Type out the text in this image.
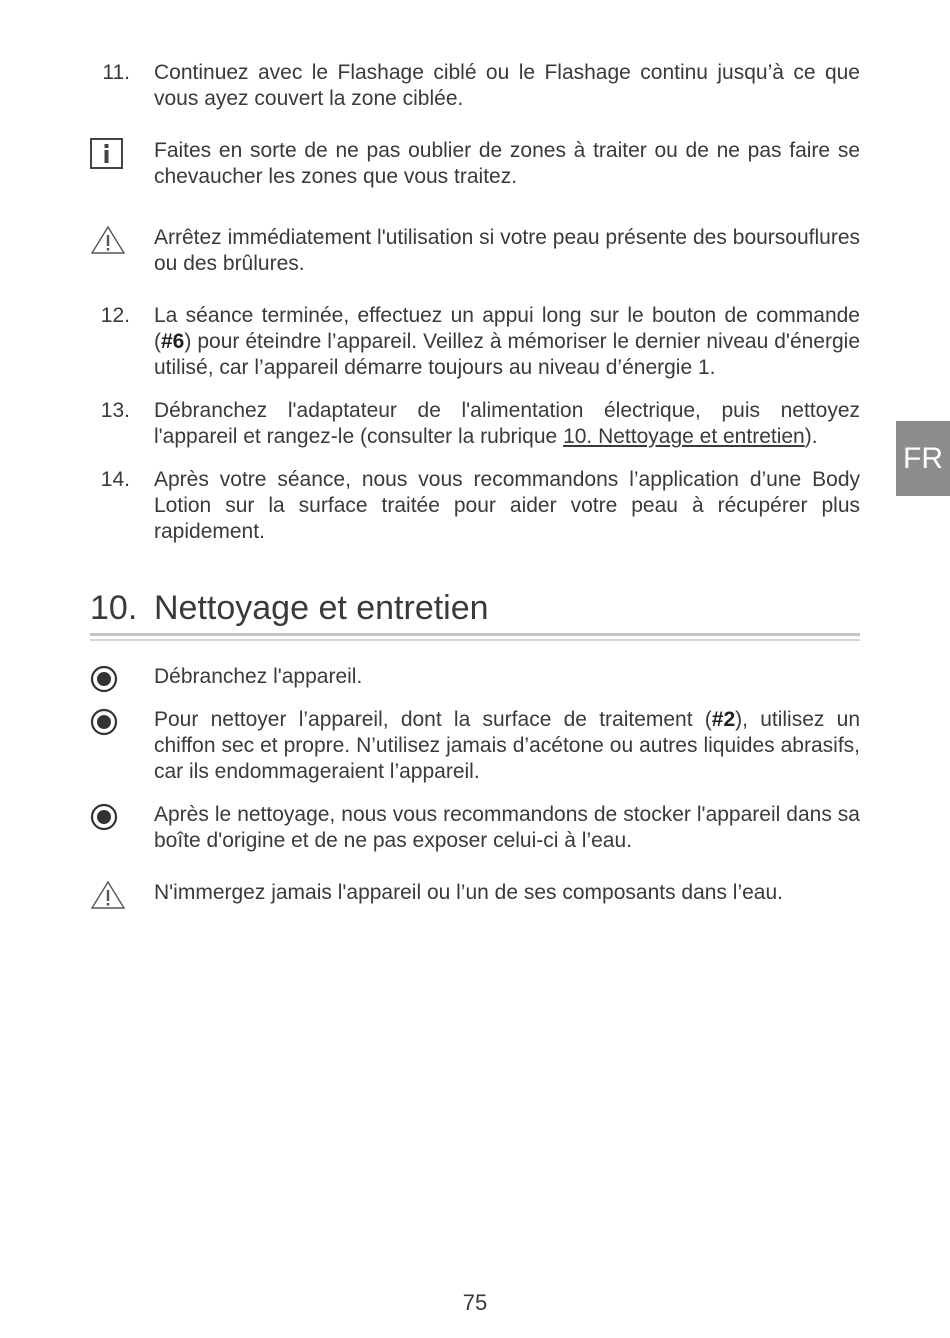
11. Continuez avec le Flashage ciblé ou le Flashage continu jusqu’à ce que vous ayez couvert la zone ciblée.
Faites en sorte de ne pas oublier de zones à traiter ou de ne pas faire se chevaucher les zones que vous traitez.
Arrêtez immédiatement l'utilisation si votre peau présente des boursouflures ou des brûlures.
12. La séance terminée, effectuez un appui long sur le bouton de commande (#6) pour éteindre l’appareil. Veillez à mémoriser le dernier niveau d'énergie utilisé, car l’appareil démarre toujours au niveau d’énergie 1.
13. Débranchez l'adaptateur de l'alimentation électrique, puis nettoyez l'appareil et rangez-le (consulter la rubrique 10. Nettoyage et entretien).
14. Après votre séance, nous vous recommandons l’application d’une Body Lotion sur la surface traitée pour aider votre peau à récupérer plus rapidement.
10. Nettoyage et entretien
Débranchez l'appareil.
Pour nettoyer l’appareil, dont la surface de traitement (#2), utilisez un chiffon sec et propre. N’utilisez jamais d’acétone ou autres liquides abrasifs, car ils endommageraient l’appareil.
Après le nettoyage, nous vous recommandons de stocker l'appareil dans sa boîte d'origine et de ne pas exposer celui-ci à l’eau.
N'immergez jamais l'appareil ou l’un de ses composants dans l’eau.
FR
75
